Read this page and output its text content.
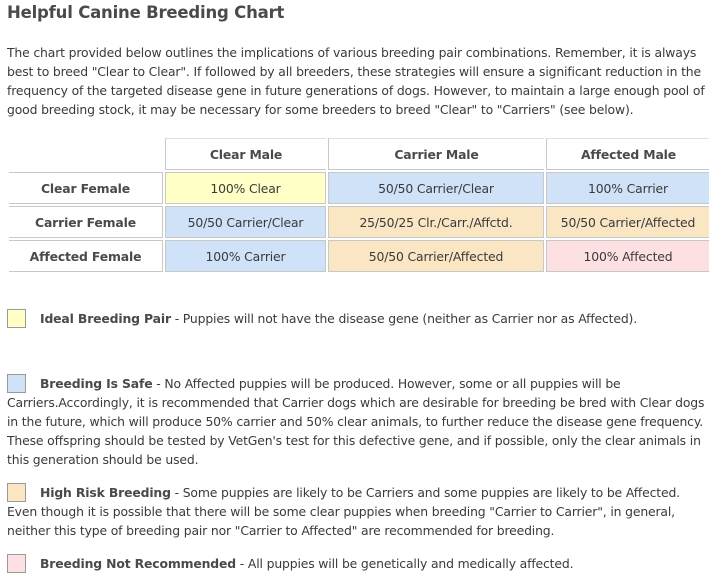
Helpful Canine Breeding Chart

The chart provided below outlines the implications of various breeding pair combinations. Remember, it is always best to breed "Clear to Clear". If followed by all breeders, these strategies will ensure a significant reduction in the frequency of the targeted disease gene in future generations of dogs. However, to maintain a large enough pool of good breeding stock, it may be necessary for some breeders to breed "Clear" to "Carriers" (see below).

	Clear Male	Carrier Male	Affected Male
Clear Female	100% Clear	50/50 Carrier/Clear	100% Carrier
Carrier Female	50/50 Carrier/Clear	25/50/25 Clr./Carr./Affctd.	50/50 Carrier/Affected
Affected Female	100% Carrier	50/50 Carrier/Affected	100% Affected

Ideal Breeding Pair - Puppies will not have the disease gene (neither as Carrier nor as Affected).

Breeding Is Safe - No Affected puppies will be produced. However, some or all puppies will be Carriers.Accordingly, it is recommended that Carrier dogs which are desirable for breeding be bred with Clear dogs in the future, which will produce 50% carrier and 50% clear animals, to further reduce the disease gene frequency. These offspring should be tested by VetGen's test for this defective gene, and if possible, only the clear animals in this generation should be used.

High Risk Breeding - Some puppies are likely to be Carriers and some puppies are likely to be Affected. Even though it is possible that there will be some clear puppies when breeding "Carrier to Carrier", in general, neither this type of breeding pair nor "Carrier to Affected" are recommended for breeding.

Breeding Not Recommended - All puppies will be genetically and medically affected.
